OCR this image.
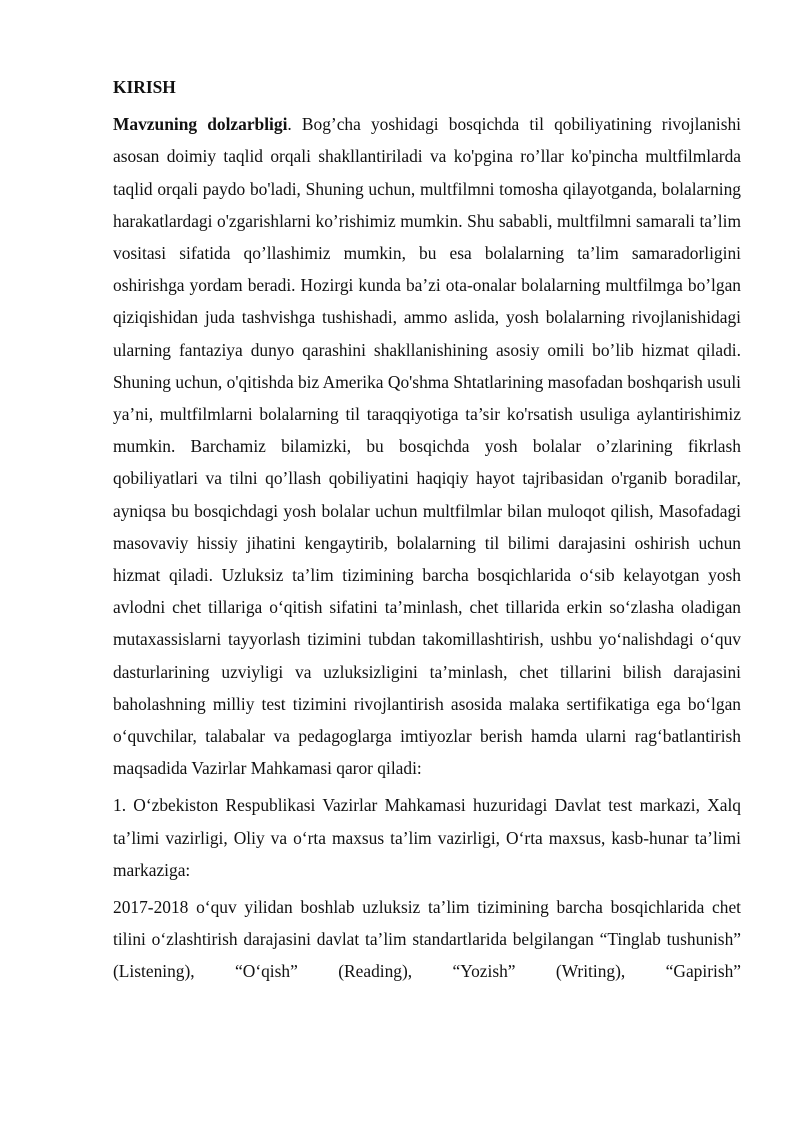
KIRISH

Mavzuning dolzarbligi. Bog’cha yoshidagi bosqichda til qobiliyatining rivojlanishi asosan doimiy taqlid orqali shakllantiriladi va ko'pgina ro’llar ko'pincha multfilmlarda taqlid orqali paydo bo'ladi, Shuning uchun, multfilmni tomosha qilayotganda, bolalarning harakatlardagi o'zgarishlarni ko’rishimiz mumkin. Shu sababli, multfilmni samarali ta’lim vositasi sifatida qo’llashimiz mumkin, bu esa bolalarning ta’lim samaradorligini oshirishga yordam beradi. Hozirgi kunda ba’zi ota-onalar bolalarning multfilmga bo’lgan qiziqishidan juda tashvishga tushishadi, ammo aslida, yosh bolalarning rivojlanishidagi ularning fantaziya dunyo qarashini shakllanishining asosiy omili bo’lib hizmat qiladi. Shuning uchun, o'qitishda biz Amerika Qo'shma Shtatlarining masofadan boshqarish usuli ya’ni, multfilmlarni bolalarning til taraqqiyotiga ta’sir ko'rsatish usuliga aylantirishimiz mumkin. Barchamiz bilamizki, bu bosqichda yosh bolalar o’zlarining fikrlash qobiliyatlari va tilni qo’llash qobiliyatini haqiqiy hayot tajribasidan o'rganib boradilar, ayniqsa bu bosqichdagi yosh bolalar uchun multfilmlar bilan muloqot qilish, Masofadagi masovaviy hissiy jihatini kengaytirib, bolalarning til bilimi darajasini oshirish uchun hizmat qiladi. Uzluksiz ta’lim tizimining barcha bosqichlarida o‘sib kelayotgan yosh avlodni chet tillariga o‘qitish sifatini ta’minlash, chet tillarida erkin so‘zlasha oladigan mutaxassislarni tayyorlash tizimini tubdan takomillashtirish, ushbu yo‘nalishdagi o‘quv dasturlarining uzviyligi va uzluksizligini ta’minlash, chet tillarini bilish darajasini baholashning milliy test tizimini rivojlantirish asosida malaka sertifikatiga ega bo‘lgan o‘quvchilar, talabalar va pedagoglarga imtiyozlar berish hamda ularni rag‘batlantirish maqsadida Vazirlar Mahkamasi qaror qiladi:

1. O‘zbekiston Respublikasi Vazirlar Mahkamasi huzuridagi Davlat test markazi, Xalq ta’limi vazirligi, Oliy va o‘rta maxsus ta’lim vazirligi, O‘rta maxsus, kasb-hunar ta’limi markaziga:

2017-2018 o‘quv yilidan boshlab uzluksiz ta’lim tizimining barcha bosqichlarida chet tilini o‘zlashtirish darajasini davlat ta’lim standartlarida belgilangan “Tinglab tushunish” (Listening), “O‘qish” (Reading), “Yozish” (Writing), “Gapirish”
